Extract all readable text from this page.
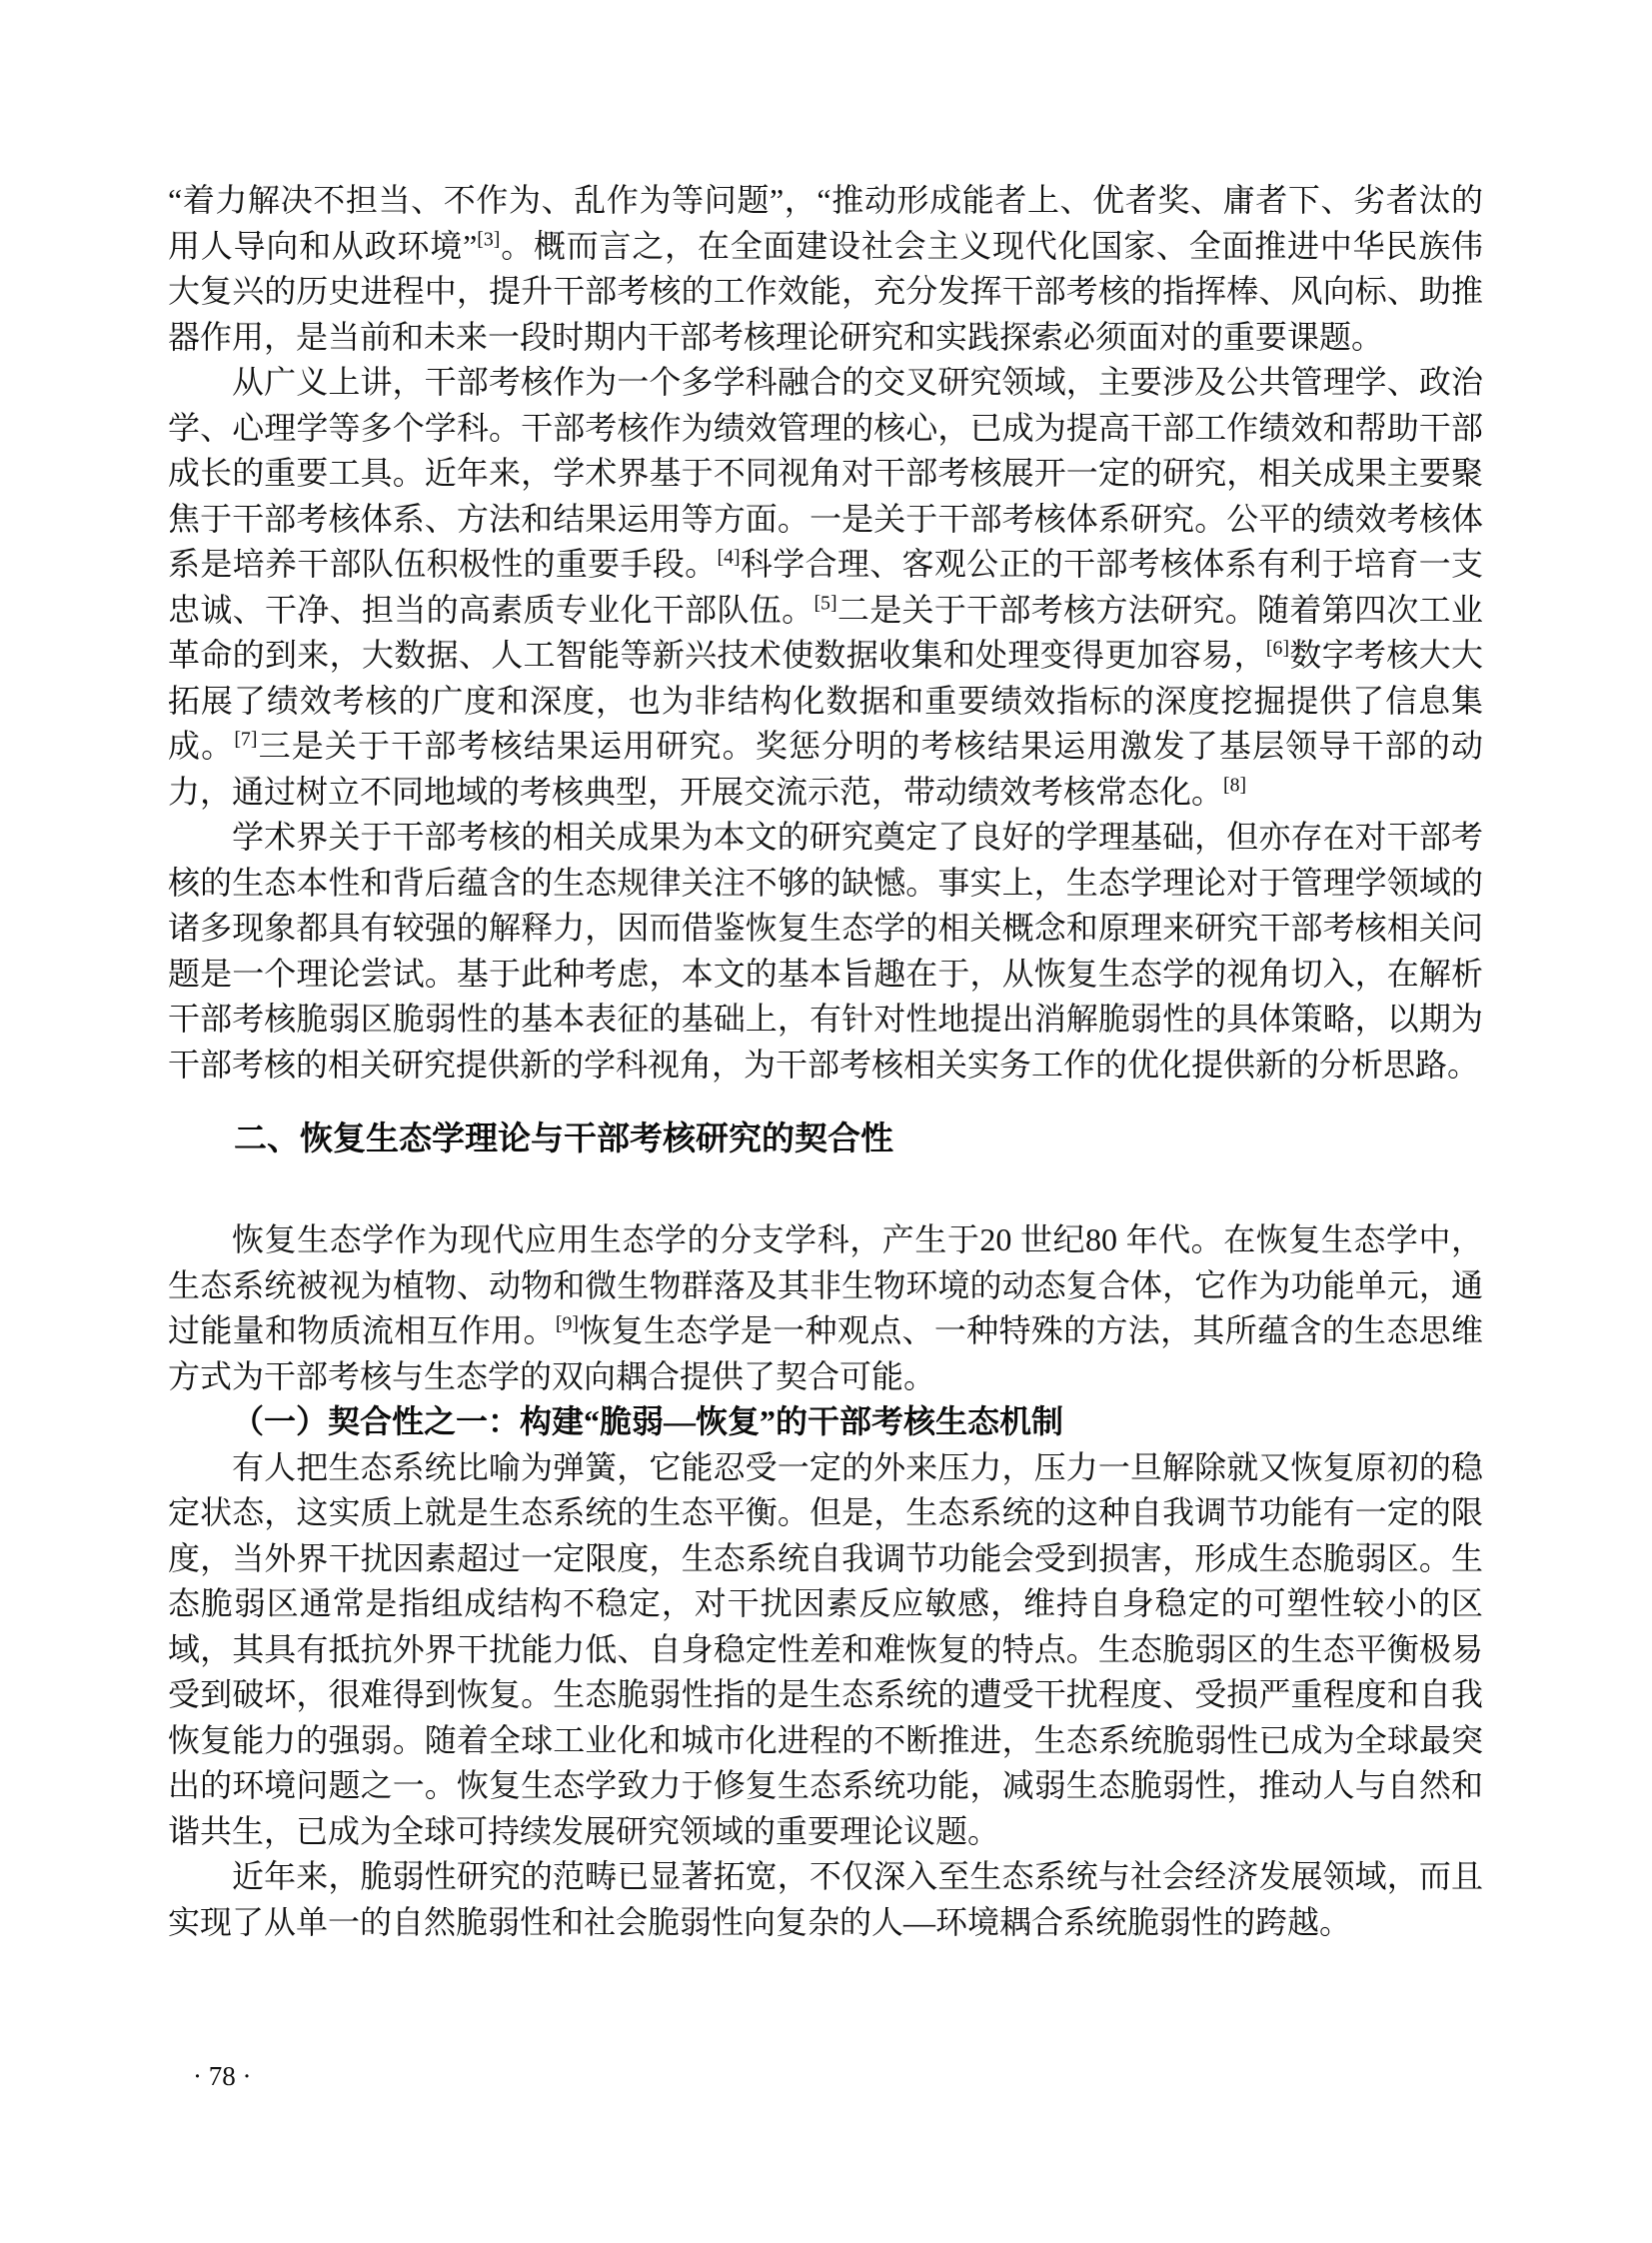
“着力解决不担当、不作为、乱作为等问题”，“推动形成能者上、优者奖、庸者下、劣者汰的用人导向和从政环境”[3]。概而言之，在全面建设社会主义现代化国家、全面推进中华民族伟大复兴的历史进程中，提升干部考核的工作效能，充分发挥干部考核的指挥棒、风向标、助推器作用，是当前和未来一段时期内干部考核理论研究和实践探索必须面对的重要课题。

从广义上讲，干部考核作为一个多学科融合的交叉研究领域，主要涉及公共管理学、政治学、心理学等多个学科。干部考核作为绩效管理的核心，已成为提高干部工作绩效和帮助干部成长的重要工具。近年来，学术界基于不同视角对干部考核展开一定的研究，相关成果主要聚焦于干部考核体系、方法和结果运用等方面。一是关于干部考核体系研究。公平的绩效考核体系是培养干部队伍积极性的重要手段。[4]科学合理、客观公正的干部考核体系有利于培育一支忠诚、干净、担当的高素质专业化干部队伍。[5]二是关于干部考核方法研究。随着第四次工业革命的到来，大数据、人工智能等新兴技术使数据收集和处理变得更加容易，[6]数字考核大大拓展了绩效考核的广度和深度，也为非结构化数据和重要绩效指标的深度挖掘提供了信息集成。[7]三是关于干部考核结果运用研究。奖惩分明的考核结果运用激发了基层领导干部的动力，通过树立不同地域的考核典型，开展交流示范，带动绩效考核常态化。[8]

学术界关于干部考核的相关成果为本文的研究奠定了良好的学理基础，但亦存在对干部考核的生态本性和背后蕴含的生态规律关注不够的缺憾。事实上，生态学理论对于管理学领域的诸多现象都具有较强的解释力，因而借鉴恢复生态学的相关概念和原理来研究干部考核相关问题是一个理论尝试。基于此种考虑，本文的基本旨趣在于，从恢复生态学的视角切入，在解析干部考核脆弱区脆弱性的基本表征的基础上，有针对性地提出消解脆弱性的具体策略，以期为干部考核的相关研究提供新的学科视角，为干部考核相关实务工作的优化提供新的分析思路。

二、恢复生态学理论与干部考核研究的契合性

恢复生态学作为现代应用生态学的分支学科，产生于20 世纪80 年代。在恢复生态学中，生态系统被视为植物、动物和微生物群落及其非生物环境的动态复合体，它作为功能单元，通过能量和物质流相互作用。[9]恢复生态学是一种观点、一种特殊的方法，其所蕴含的生态思维方式为干部考核与生态学的双向耦合提供了契合可能。

（一）契合性之一：构建“脆弱—恢复”的干部考核生态机制

有人把生态系统比喻为弹簧，它能忍受一定的外来压力，压力一旦解除就又恢复原初的稳定状态，这实质上就是生态系统的生态平衡。但是，生态系统的这种自我调节功能有一定的限度，当外界干扰因素超过一定限度，生态系统自我调节功能会受到损害，形成生态脆弱区。生态脆弱区通常是指组成结构不稳定，对干扰因素反应敏感，维持自身稳定的可塑性较小的区域，其具有抵抗外界干扰能力低、自身稳定性差和难恢复的特点。生态脆弱区的生态平衡极易受到破坏，很难得到恢复。生态脆弱性指的是生态系统的遭受干扰程度、受损严重程度和自我恢复能力的强弱。随着全球工业化和城市化进程的不断推进，生态系统脆弱性已成为全球最突出的环境问题之一。恢复生态学致力于修复生态系统功能，减弱生态脆弱性，推动人与自然和谐共生，已成为全球可持续发展研究领域的重要理论议题。

近年来，脆弱性研究的范畴已显著拓宽，不仅深入至生态系统与社会经济发展领域，而且实现了从单一的自然脆弱性和社会脆弱性向复杂的人—环境耦合系统脆弱性的跨越。

· 78 ·
